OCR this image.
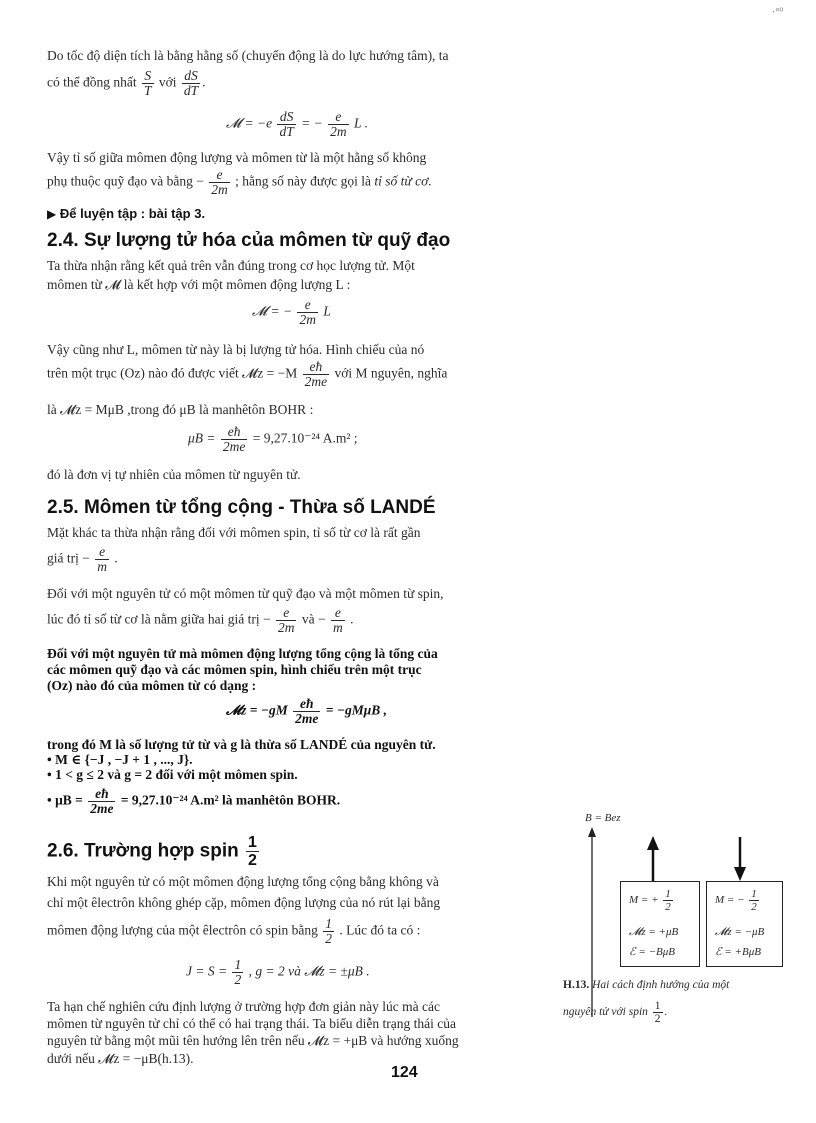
·°⁰
Do tốc độ diện tích là bằng hằng số (chuyển động là do lực hướng tâm), ta
có thể đồng nhất $\frac{S}{T}$ với $\frac{dS}{dT}$ .
𝓜 = $-e \frac{dS}{dT}$ = − $\frac{e}{2m}$ L .
Vậy tỉ số giữa mômen động lượng và mômen từ là một hằng số không
phụ thuộc quỹ đạo và bằng − $\frac{e}{2m}$ ; hằng số này được gọi là tỉ số từ cơ.
▶ Để luyện tập : bài tập 3.
2.4. Sự lượng tử hóa của mômen từ quỹ đạo
Ta thừa nhận rằng kết quả trên vẫn đúng trong cơ học lượng tử. Một
mômen từ 𝓜 là kết hợp với một mômen động lượng L :
𝓜 = − $\frac{e}{2m}$ L
Vậy cũng như L, mômen từ này là bị lượng tử hóa. Hình chiếu của nó
trên một trục (Oz) nào đó được viết 𝓜z = $-M \frac{eħ}{2me}$ với M nguyên, nghĩa
là 𝓜z = MμB ,trong đó μB là manhêtôn BOHR :
$\mu B = \frac{eħ}{2me} = 9,27.10^{-24}$ A.m² ;
đó là đơn vị tự nhiên của mômen từ nguyên tử.
2.5. Mômen từ tổng cộng - Thừa số LANDÉ
Mặt khác ta thừa nhận rằng đối với mômen spin, tỉ số từ cơ là rất gần
giá trị − $\frac{e}{m}$ .
Đối với một nguyên tử có một mômen từ quỹ đạo và một mômen từ spin,
lúc đó tỉ số từ cơ là nằm giữa hai giá trị − $\frac{e}{2m}$ và − $\frac{e}{m}$ .
Đối với một nguyên tử mà mômen động lượng tổng cộng là tổng của
các mômen quỹ đạo và các mômen spin, hình chiếu trên một trục
(Oz) nào đó của mômen từ có dạng :
𝓜z = $-gM \frac{eħ}{2me} = -gM\mu B$ ,
trong đó M là số lượng tử từ và g là thừa số LANDÉ của nguyên tử.
• M ∈ {−J , −J + 1 , ..., J}.
• 1 < g ≤ 2 và g = 2 đối với một mômen spin.
• $\mu B = \frac{eħ}{2me} = 9,27.10^{-24}$ A.m² là manhêtôn BOHR.
2.6. Trường hợp spin $\frac{1}{2}$
Khi một nguyên tử có một mômen động lượng tổng cộng bằng không và
chỉ một êlectrôn không ghép cặp, mômen động lượng của nó rút lại bằng
mômen động lượng của một êlectrôn có spin bằng $\frac{1}{2}$ . Lúc đó ta có :
$J = S = \frac{1}{2}$ , g = 2 và 𝓜z = ±μB .
Ta hạn chế nghiên cứu định lượng ở trường hợp đơn giản này lúc mà các
mômen từ nguyên tử chỉ có thể có hai trạng thái. Ta biểu diễn trạng thái của
nguyên tử bằng một mũi tên hướng lên trên nếu 𝓜z = +μB và hướng xuống
dưới nếu 𝓜z = −μB(h.13).
124
B = Bez
M = + $\frac{1}{2}$
𝓜z = +μB
ℰ = −BμB
M = − $\frac{1}{2}$
𝓜z = −μB
ℰ = +BμB
H.13. Hai cách định hướng của một
nguyên tử với spin $\frac{1}{2}$ .
